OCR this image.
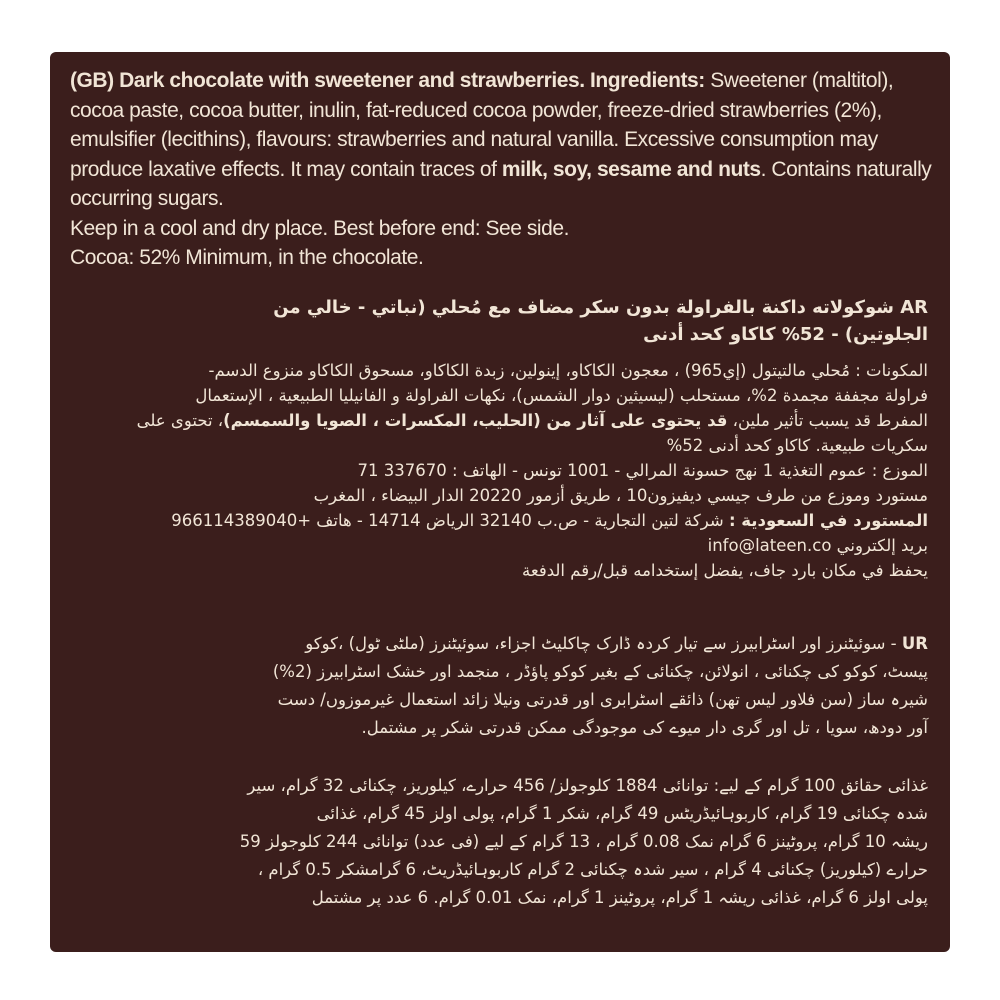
(GB) Dark chocolate with sweetener and strawberries. Ingredients: Sweetener (maltitol), cocoa paste, cocoa butter, inulin, fat-reduced cocoa powder, freeze-dried strawberries (2%), emulsifier (lecithins), flavours: strawberries and natural vanilla. Excessive consumption may produce laxative effects. It may contain traces of milk, soy, sesame and nuts. Contains naturally occurring sugars.

Keep in a cool and dry place. Best before end: See side.

Cocoa: 52% Minimum, in the chocolate.

AR شوكولاته داكنة بالفراولة بدون سكر مضاف مع مُحلي (نباتي - خالي من

الجلوتين) - 52% كاكاو كحد أدنى

المكونات : مُحلي مالتيتول (إي965) ، معجون الكاكاو، إينولين، زبدة الكاكاو، مسحوق الكاكاو منزوع الدسم-

فراولة مجففة مجمدة 2%، مستحلب (ليسيثين دوار الشمس)، نكهات الفراولة و الفانيليا الطبيعية ، الإستعمال

المفرط قد يسبب تأثير ملين، قد يحتوى على آثار من (الحليب، المكسرات ، الصويا والسمسم)، تحتوى على

سكريات طبيعية. كاكاو كحد أدنى 52%

الموزع : عموم التغذية 1 نهج حسونة المرالي - 1001 تونس - الهاتف : 337670 71

مستورد وموزع من طرف جيسي ديفيزون10 ، طريق أزمور 20220 الدار البيضاء ، المغرب

المستورد في السعودية : شركة لتين التجارية - ص.ب 32140 الرياض 14714 - هاتف +966114389040

بريد إلكتروني info@lateen.co

يحفظ في مكان بارد جاف، يفضل إستخدامه قبل/رقم الدفعة

UR - سوئیٹنرز اور اسٹرابیرز سے تیار کردہ ڈارک چاکلیٹ اجزاء، سوئیٹنرز (ملٹی ٹول) ،کوکو

پیسٹ، کوکو کی چکنائی ، انولائن، چکنائی کے بغیر کوکو پاؤڈر ، منجمد اور خشک اسٹرابیرز (2%)

شیرہ ساز (سن فلاور لیس تھن) ذائقے اسٹرابری اور قدرتی ونیلا زائد استعمال غیرموزوں/ دست

آور دودھ، سویا ، تل اور گری دار میوے کی موجودگی ممکن قدرتی شکر پر مشتمل.

غذائی حقائق 100 گرام کے لیے: توانائی 1884 کلوجولز/ 456 حرارے، کیلوریز، چکنائی 32 گرام، سیر

شدہ چکنائی 19 گرام، کاربوہائیڈریٹس 49 گرام، شکر 1 گرام، پولی اولز 45 گرام، غذائی

ریشہ 10 گرام، پروٹینز 6 گرام نمک 0.08 گرام ، 13 گرام کے لیے (فی عدد) توانائی 244 کلوجولز 59

حرارے (کیلوریز) چکنائی 4 گرام ، سیر شدہ چکنائی 2 گرام کاربوہائیڈریٹ، 6 گرامشکر 0.5 گرام ،

پولی اولز 6 گرام، غذائی ریشہ 1 گرام، پروٹینز 1 گرام، نمک 0.01 گرام. 6 عدد پر مشتمل
